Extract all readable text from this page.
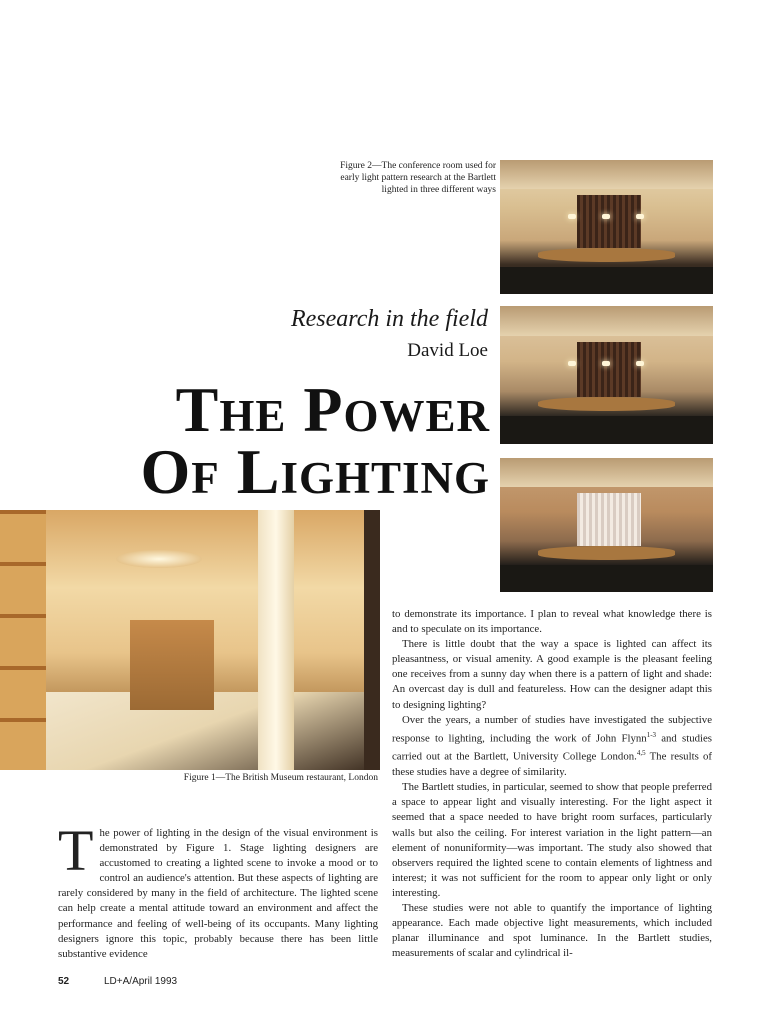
Figure 2—The conference room used for early light pattern research at the Bartlett lighted in three different ways
Research in the field
David Loe
The Power
Of Lighting
Figure 1—The British Museum restaurant, London

The power of lighting in the design of the visual environment is demonstrated by Figure 1. Stage lighting designers are accustomed to creating a lighted scene to invoke a mood or to control an audience's attention. But these aspects of lighting are rarely considered by many in the field of architecture. The lighted scene can help create a mental attitude toward an environment and affect the performance and feeling of well-being of its occupants. Many lighting designers ignore this topic, probably because there has been little substantive evidence

to demonstrate its importance. I plan to reveal what knowledge there is and to speculate on its importance.

There is little doubt that the way a space is lighted can affect its pleasantness, or visual amenity. A good example is the pleasant feeling one receives from a sunny day when there is a pattern of light and shade: An overcast day is dull and featureless. How can the designer adapt this to designing lighting?

Over the years, a number of studies have investigated the subjective response to lighting, including the work of John Flynn$^{1-3}$ and studies carried out at the Bartlett, University College London.$^{4,5}$ The results of these studies have a degree of similarity.

The Bartlett studies, in particular, seemed to show that people preferred a space to appear light and visually interesting. For the light aspect it seemed that a space needed to have bright room surfaces, particularly walls but also the ceiling. For interest variation in the light pattern—an element of nonuniformity—was important. The study also showed that observers required the lighted scene to contain elements of lightness and interest; it was not sufficient for the room to appear only light or only interesting.

These studies were not able to quantify the importance of lighting appearance. Each made objective light measurements, which included planar illuminance and spot luminance. In the Bartlett studies, measurements of scalar and cylindrical il-

52	LD+A/April 1993
